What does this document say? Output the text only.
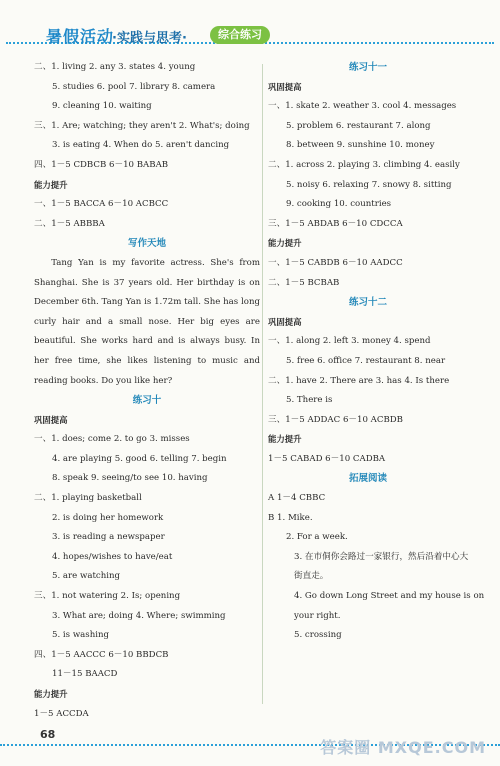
暑假活动
·实践与思考·	综合练习
二、1. living 2. any 3. states 4. young
5. studies 6. pool 7. library 8. camera
9. cleaning 10. waiting
三、1. Are; watching; they aren't 2. What's; doing
3. is eating 4. When do 5. aren't dancing
四、1－5 CDBCB 6－10 BABAB
能力提升
一、1－5 BACCA 6－10 ACBCC
二、1－5 ABBBA
写作天地
Tang Yan is my favorite actress. She's from Shanghai. She is 37 years old. Her birthday is on December 6th. Tang Yan is 1.72m tall. She has long curly hair and a small nose. Her big eyes are beautiful. She works hard and is always busy. In her free time, she likes listening to music and reading books. Do you like her?
练习十
巩固提高
一、1. does; come 2. to go 3. misses
4. are playing 5. good 6. telling 7. begin
8. speak 9. seeing/to see 10. having
二、1. playing basketball
2. is doing her homework
3. is reading a newspaper
4. hopes/wishes to have/eat
5. are watching
三、1. not watering 2. Is; opening
3. What are; doing 4. Where; swimming
5. is washing
四、1－5 AACCC 6－10 BBDCB
11－15 BAACD
能力提升
1－5 ACCDA
练习十一
巩固提高
一、1. skate 2. weather 3. cool 4. messages
5. problem 6. restaurant 7. along
8. between 9. sunshine 10. money
二、1. across 2. playing 3. climbing 4. easily
5. noisy 6. relaxing 7. snowy 8. sitting
9. cooking 10. countries
三、1－5 ABDAB 6－10 CDCCA
能力提升
一、1－5 CABDB 6－10 AADCC
二、1－5 BCBAB
练习十二
巩固提高
一、1. along 2. left 3. money 4. spend
5. free 6. office 7. restaurant 8. near
二、1. have 2. There are 3. has 4. Is there
5. There is
三、1－5 ADDAC 6－10 ACBDB
能力提升
1－5 CABAD 6－10 CADBA
拓展阅读
A 1－4 CBBC
B 1. Mike.
2. For a week.
3. 在市侗你会路过一家银行，然后沿着中心大
街直走。
4. Go down Long Street and my house is on
your right.
5. crossing
68
答案圈 MXQE.COM
